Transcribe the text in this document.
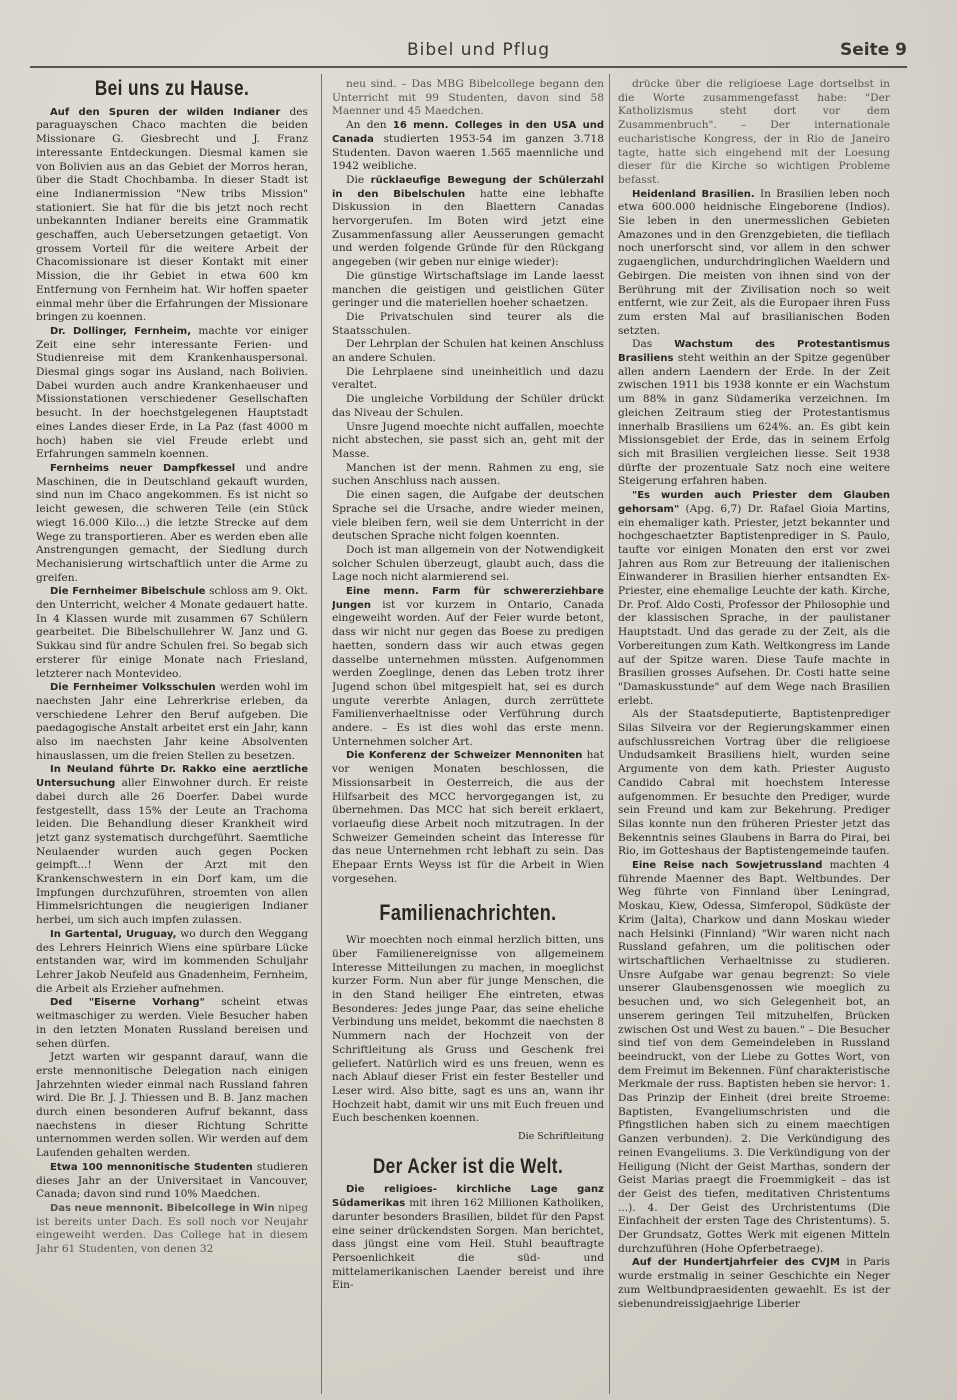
Bibel und Pflug	Seite 9
Bei uns zu Hause.

Auf den Spuren der wilden Indianer des paraguayschen Chaco machten die beiden Missionare G. Giesbrecht und J. Franz interessante Entdeckungen. Diesmal kamen sie von Bolivien aus an das Gebiet der Morros heran, über die Stadt Chochbamba. In dieser Stadt ist eine Indianermission "New tribs Mission" stationiert. Sie hat für die bis jetzt noch recht unbekannten Indianer bereits eine Grammatik geschaffen, auch Uebersetzungen getaetigt. Von grossem Vorteil für die weitere Arbeit der Chacomissionare ist dieser Kontakt mit einer Mission, die ihr Gebiet in etwa 600 km Entfernung von Fernheim hat. Wir hoffen spaeter einmal mehr über die Erfahrungen der Missionare bringen zu koennen.

Dr. Dollinger, Fernheim, machte vor einiger Zeit eine sehr interessante Ferien- und Studienreise mit dem Krankenhauspersonal. Diesmal gings sogar ins Ausland, nach Bolivien. Dabei wurden auch andre Krankenhaeuser und Missionstationen verschiedener Gesellschaften besucht. In der hoechstgelegenen Hauptstadt eines Landes dieser Erde, in La Paz (fast 4000 m hoch) haben sie viel Freude erlebt und Erfahrungen sammeln koennen.

Fernheims neuer Dampfkessel und andre Maschinen, die in Deutschland gekauft wurden, sind nun im Chaco angekommen. Es ist nicht so leicht gewesen, die schweren Teile (ein Stück wiegt 16.000 Kilo...) die letzte Strecke auf dem Wege zu transportieren. Aber es werden eben alle Anstrengungen gemacht, der Siedlung durch Mechanisierung wirtschaftlich unter die Arme zu greifen.

Die Fernheimer Bibelschule schloss am 9. Okt. den Unterricht, welcher 4 Monate gedauert hatte. In 4 Klassen wurde mit zusammen 67 Schülern gearbeitet. Die Bibelschullehrer W. Janz und G. Sukkau sind für andre Schulen frei. So begab sich ersterer für einige Monate nach Friesland, letzterer nach Montevideo.

Die Fernheimer Volksschulen werden wohl im naechsten Jahr eine Lehrerkrise erleben, da verschiedene Lehrer den Beruf aufgeben. Die paedagogische Anstalt arbeitet erst ein Jahr, kann also im naechsten Jahr keine Absolventen hinauslassen, um die freien Stellen zu besetzen.

In Neuland führte Dr. Rakko eine aerztliche Untersuchung aller Einwohner durch. Er reiste dabei durch alle 26 Doerfer. Dabei wurde festgestellt, dass 15% der Leute an Trachoma leiden. Die Behandlung dieser Krankheit wird jetzt ganz systematisch durchgeführt. Saemtliche Neulaender wurden auch gegen Pocken geimpft...! Wenn der Arzt mit den Krankenschwestern in ein Dorf kam, um die Impfungen durchzuführen, stroemten von allen Himmelsrichtungen die neugierigen Indianer herbei, um sich auch impfen zulassen.

In Gartental, Uruguay, wo durch den Weggang des Lehrers Heinrich Wiens eine spürbare Lücke entstanden war, wird im kommenden Schuljahr Lehrer Jakob Neufeld aus Gnadenheim, Fernheim, die Arbeit als Erzieher aufnehmen.

Ded "Eiserne Vorhang" scheint etwas weitmaschiger zu werden. Viele Besucher haben in den letzten Monaten Russland bereisen und sehen dürfen.

Jetzt warten wir gespannt darauf, wann die erste mennonitische Delegation nach einigen Jahrzehnten wieder einmal nach Russland fahren wird. Die Br. J. J. Thiessen und B. B. Janz machen durch einen besonderen Aufruf bekannt, dass naechstens in dieser Richtung Schritte unternommen werden sollen. Wir werden auf dem Laufenden gehalten werden.

Etwa 100 mennonitische Studenten studieren dieses Jahr an der Universitaet in Vancouver, Canada; davon sind rund 10% Maedchen.

Das neue mennonit. Bibelcollege in Win nipeg ist bereits unter Dach. Es soll noch vor Neujahr eingeweiht werden. Das College hat in diesem Jahr 61 Studenten, von denen 32

neu sind. – Das MBG Bibelcollege begann den Unterricht mit 99 Studenten, davon sind 58 Maenner und 45 Maedchen.

An den 16 menn. Colleges in den USA und Canada studierten 1953-54 im ganzen 3.718 Studenten. Davon waeren 1.565 maennliche und 1942 weibliche.

Die rücklaeufige Bewegung der Schülerzahl in den Bibelschulen hatte eine lebhafte Diskussion in den Blaettern Canadas hervorgerufen. Im Boten wird jetzt eine Zusammenfassung aller Aeusserungen gemacht und werden folgende Gründe für den Rückgang angegeben (wir geben nur einige wieder):

Die günstige Wirtschaftslage im Lande laesst manchen die geistigen und geistlichen Güter geringer und die materiellen hoeher schaetzen.

Die Privatschulen sind teurer als die Staatsschulen.

Der Lehrplan der Schulen hat keinen Anschluss an andere Schulen.

Die Lehrplaene sind uneinheitlich und dazu veraltet.

Die ungleiche Vorbildung der Schüler drückt das Niveau der Schulen.

Unsre Jugend moechte nicht auffallen, moechte nicht abstechen, sie passt sich an, geht mit der Masse.

Manchen ist der menn. Rahmen zu eng, sie suchen Anschluss nach aussen.

Die einen sagen, die Aufgabe der deutschen Sprache sei die Ursache, andre wieder meinen, viele bleiben fern, weil sie dem Unterricht in der deutschen Sprache nicht folgen koennten.

Doch ist man allgemein von der Notwendigkeit solcher Schulen überzeugt, glaubt auch, dass die Lage noch nicht alarmierend sei.

Eine menn. Farm für schwererziehbare Jungen ist vor kurzem in Ontario, Canada eingeweiht worden. Auf der Feier wurde betont, dass wir nicht nur gegen das Boese zu predigen haetten, sondern dass wir auch etwas gegen dasselbe unternehmen müssten. Aufgenommen werden Zoeglinge, denen das Leben trotz ihrer Jugend schon übel mitgespielt hat, sei es durch ungute vererbte Anlagen, durch zerrüttete Familienverhaeltnisse oder Verführung durch andere. – Es ist dies wohl das erste menn. Unternehmen solcher Art.

Die Konferenz der Schweizer Mennoniten hat vor wenigen Monaten beschlossen, die Missionsarbeit in Oesterreich, die aus der Hilfsarbeit des MCC hervorgegangen ist, zu übernehmen. Das MCC hat sich bereit erklaert, vorlaeufig diese Arbeit noch mitzutragen. In der Schweizer Gemeinden scheint das Interesse für das neue Unternehmen rcht lebhaft zu sein. Das Ehepaar Ernts Weyss ist für die Arbeit in Wien vorgesehen.

Familienachrichten.

Wir moechten noch einmal herzlich bitten, uns über Familienereignisse von allgemeinem Interesse Mitteilungen zu machen, in moeglichst kurzer Form. Nun aber für junge Menschen, die in den Stand heiliger Ehe eintreten, etwas Besonderes: Jedes junge Paar, das seine eheliche Verbindung uns meldet, bekommt die naechsten 8 Nummern nach der Hochzeit von der Schriftleitung als Gruss und Geschenk frei geliefert. Natürlich wird es uns freuen, wenn es nach Ablauf dieser Frist ein fester Besteller und Leser wird. Also bitte, sagt es uns an, wann ihr Hochzeit habt, damit wir uns mit Euch freuen und Euch beschenken koennen.

Die Schriftleitung

Der Acker ist die Welt.

Die religioes- kirchliche Lage ganz Südamerikas mit ihren 162 Millionen Katholiken, darunter besonders Brasilien, bildet für den Papst eine seiner drückendsten Sorgen. Man berichtet, dass jüngst eine vom Heil. Stuhl beauftragte Persoenlichkeit die süd- und mittelamerikanischen Laender bereist und ihre Ein-

drücke über die religioese Lage dortselbst in die Worte zusammengefasst habe: "Der Katholizismus steht dort vor dem Zusammenbruch". – Der internationale eucharistische Kongress, der in Rio de Janeiro tagte, hatte sich eingehend mit der Loesung dieser für die Kirche so wichtigen Probleme befasst.

Heidenland Brasilien. In Brasilien leben noch etwa 600.000 heidnische Eingeborene (Indios). Sie leben in den unermesslichen Gebieten Amazones und in den Grenzgebieten, die tiefllach noch unerforscht sind, vor allem in den schwer zugaenglichen, undurchdringlichen Waeldern und Gebirgen. Die meisten von ihnen sind von der Berührung mit der Zivilisation noch so weit entfernt, wie zur Zeit, als die Europaer ihren Fuss zum ersten Mal auf brasilianischen Boden setzten.

Das Wachstum des Protestantismus Brasiliens steht weithin an der Spitze gegenüber allen andern Laendern der Erde. In der Zeit zwischen 1911 bis 1938 konnte er ein Wachstum um 88% in ganz Südamerika verzeichnen. Im gleichen Zeitraum stieg der Protestantismus innerhalb Brasiliens um 624%. an. Es gibt kein Missionsgebiet der Erde, das in seinem Erfolg sich mit Brasilien vergleichen liesse. Seit 1938 dürfte der prozentuale Satz noch eine weitere Steigerung erfahren haben.

"Es wurden auch Priester dem Glauben gehorsam" (Apg. 6,7) Dr. Rafael Gioia Martins, ein ehemaliger kath. Priester, jetzt bekannter und hochgeschaetzter Baptistenprediger in S. Paulo, taufte vor einigen Monaten den erst vor zwei Jahren aus Rom zur Betreuung der italienischen Einwanderer in Brasilien hierher entsandten Ex-Priester, eine ehemalige Leuchte der kath. Kirche, Dr. Prof. Aldo Costi, Professor der Philosophie und der klassischen Sprache, in der paulistaner Hauptstadt. Und das gerade zu der Zeit, als die Vorbereitungen zum Kath. Weltkongress im Lande auf der Spitze waren. Diese Taufe machte in Brasilien grosses Aufsehen. Dr. Costi hatte seine "Damaskusstunde" auf dem Wege nach Brasilien erlebt.

Als der Staatsdeputierte, Baptistenprediger Silas Silveira vor der Regierungskammer einen aufschlussreichen Vortrag über die religioese Undudsamkeit Brasiliens hielt, wurden seine Argumente von dem kath. Priester Augusto Candido Cabral mit hoechstem Interesse aufgenommen. Er besuchte den Prediger, wurde sein Freund und kam zur Bekehrung. Prediger Silas konnte nun den früheren Priester jetzt das Bekenntnis seines Glaubens in Barra do Pirai, bei Rio, im Gotteshaus der Baptistengemeinde taufen.

Eine Reise nach Sowjetrussland machten 4 führende Maenner des Bapt. Weltbundes. Der Weg führte von Finnland über Leningrad, Moskau, Kiew, Odessa, Simferopol, Südküste der Krim (Jalta), Charkow und dann Moskau wieder nach Helsinki (Finnland) "Wir waren nicht nach Russland gefahren, um die politischen oder wirtschaftlichen Verhaeltnisse zu studieren. Unsre Aufgabe war genau begrenzt: So viele unserer Glaubensgenossen wie moeglich zu besuchen und, wo sich Gelegenheit bot, an unserem geringen Teil mitzuhelfen, Brücken zwischen Ost und West zu bauen." – Die Besucher sind tief von dem Gemeindeleben in Russland beeindruckt, von der Liebe zu Gottes Wort, von dem Freimut im Bekennen. Fünf charakteristische Merkmale der russ. Baptisten heben sie hervor: 1. Das Prinzip der Einheit (drei breite Stroeme: Baptisten, Evangeliumschristen und die Pfingstlichen haben sich zu einem maechtigen Ganzen verbunden). 2. Die Verkündigung des reinen Evangeliums. 3. Die Verkündigung von der Heiligung (Nicht der Geist Marthas, sondern der Geist Marias praegt die Froemmigkeit – das ist der Geist des tiefen, meditativen Christentums ...). 4. Der Geist des Urchristentums (Die Einfachheit der ersten Tage des Christentums). 5. Der Grundsatz, Gottes Werk mit eigenen Mitteln durchzuführen (Hohe Opferbetraege).

Auf der Hundertjahrfeier des CVJM in Paris wurde erstmalig in seiner Geschichte ein Neger zum Weltbundpraesidenten gewaehlt. Es ist der siebenundreissigjaehrige Liberier
